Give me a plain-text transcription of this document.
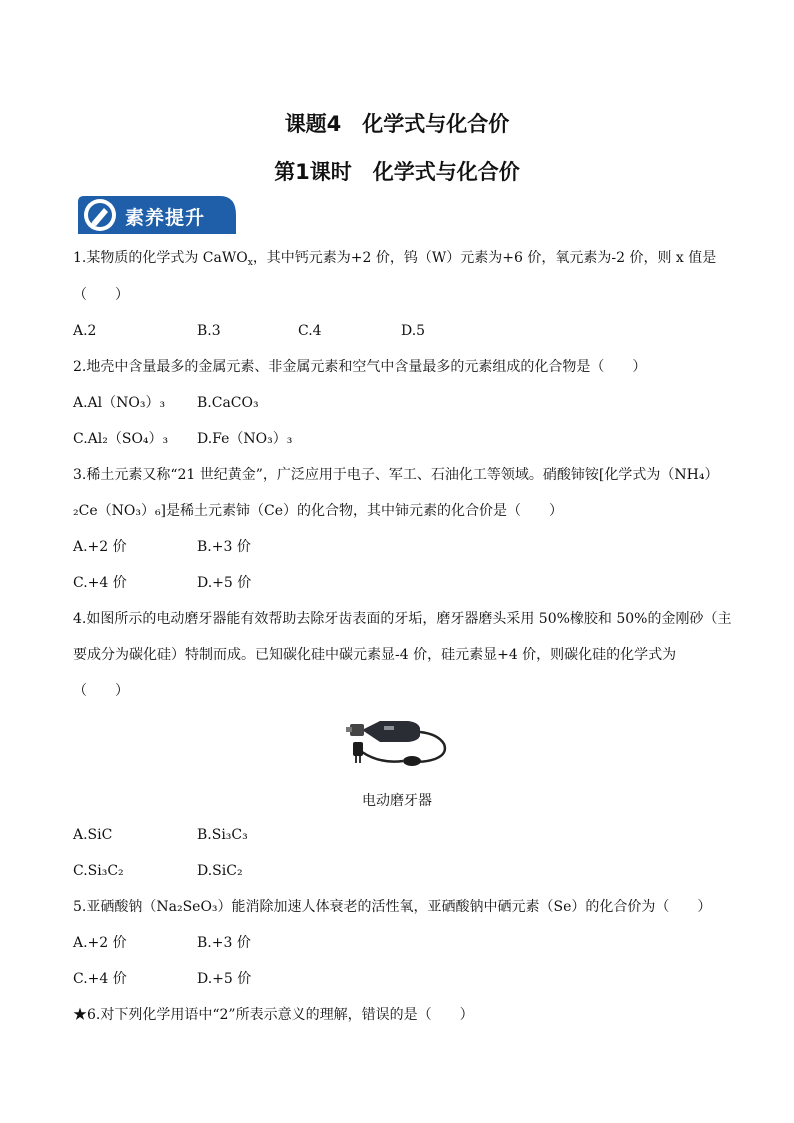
课题4　化学式与化合价
第1课时　化学式与化合价
素养提升
1.某物质的化学式为 CaWO$_x$，其中钙元素为+2 价，钨（W）元素为+6 价，氧元素为-2 价，则 x 值是
（　　）
A.2	B.3	C.4	D.5
2.地壳中含量最多的金属元素、非金属元素和空气中含量最多的元素组成的化合物是（　　）
A.Al（NO₃）₃ B.CaCO₃
C.Al₂（SO₄）₃ D.Fe（NO₃）₃
3.稀土元素又称“21 世纪黄金”，广泛应用于电子、军工、石油化工等领域。硝酸铈铵[化学式为（NH₄）
₂Ce（NO₃）₆]是稀土元素铈（Ce）的化合物，其中铈元素的化合价是（　　）
A.+2 价	B.+3 价
C.+4 价	D.+5 价
4.如图所示的电动磨牙器能有效帮助去除牙齿表面的牙垢，磨牙器磨头采用 50%橡胶和 50%的金刚砂（主
要成分为碳化硅）特制而成。已知碳化硅中碳元素显-4 价，硅元素显+4 价，则碳化硅的化学式为
（　　）
电动磨牙器
A.SiC	B.Si₃C₃
C.Si₃C₂	D.SiC₂
5.亚硒酸钠（Na₂SeO₃）能消除加速人体衰老的活性氧，亚硒酸钠中硒元素（Se）的化合价为（　　）
A.+2 价	B.+3 价
C.+4 价	D.+5 价
★6.对下列化学用语中“2”所表示意义的理解，错误的是（　　）
